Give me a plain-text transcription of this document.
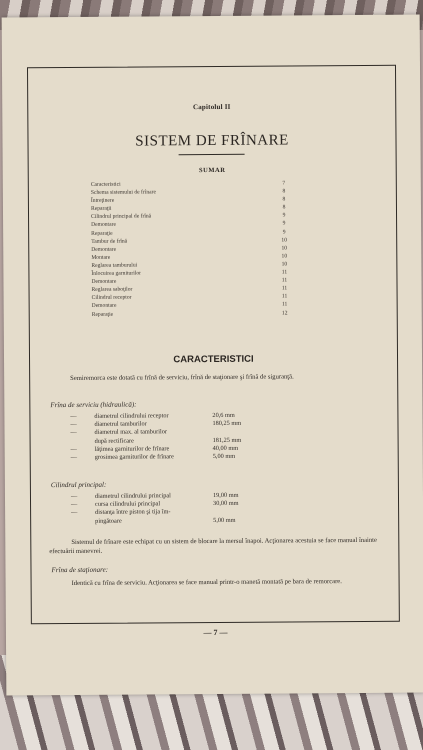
Capitolul II
SISTEM DE FRÎNARE
SUMAR
Caracteristici	7
Schema sistemului de frînare	8
Întreţinere	8
Reparaţii	8
Cilindrul principal de frînă	9
Demontare	9
Reparaţie	9
Tambur de frînă	10
Demontare	10
Montare	10
Reglarea tamburului	10
Înlocuirea garniturilor	11
Demontare	11
Reglarea saboţilor	11
Cilindrul receptor	11
Demontare	11
Reparaţie	12
CARACTERISTICI
Semiremorca este dotată cu frînă de serviciu, frînă de staţionare şi frînă de siguranţă.
Frîna de serviciu (hidraulică):
—	diametrul cilindrului receptor	20,6 mm
—	diametrul tamburilor	180,25 mm
—	diametrul max. al tamburilor
după rectificare	181,25 mm
—	lăţimea garniturilor de frînare	40,00 mm
—	grosimea garniturilor de frînare	5,00 mm
Cilindrul principal:
—	diametrul cilindrului principal	19,00 mm
—	cursa cilindrului principal	30,00 mm
—	distanţa între piston şi tija îm-
pingătoare	5,00 mm
Sistemul de frînare este echipat cu un sistem de blocare la mersul înapoi. Acţionarea acestuia se face manual înainte efectuării manevrei.
Frîna de staţionare:
Identică cu frîna de serviciu. Acţionarea se face manual printr-o manetă montată pe bara de remorcare.
— 7 —
